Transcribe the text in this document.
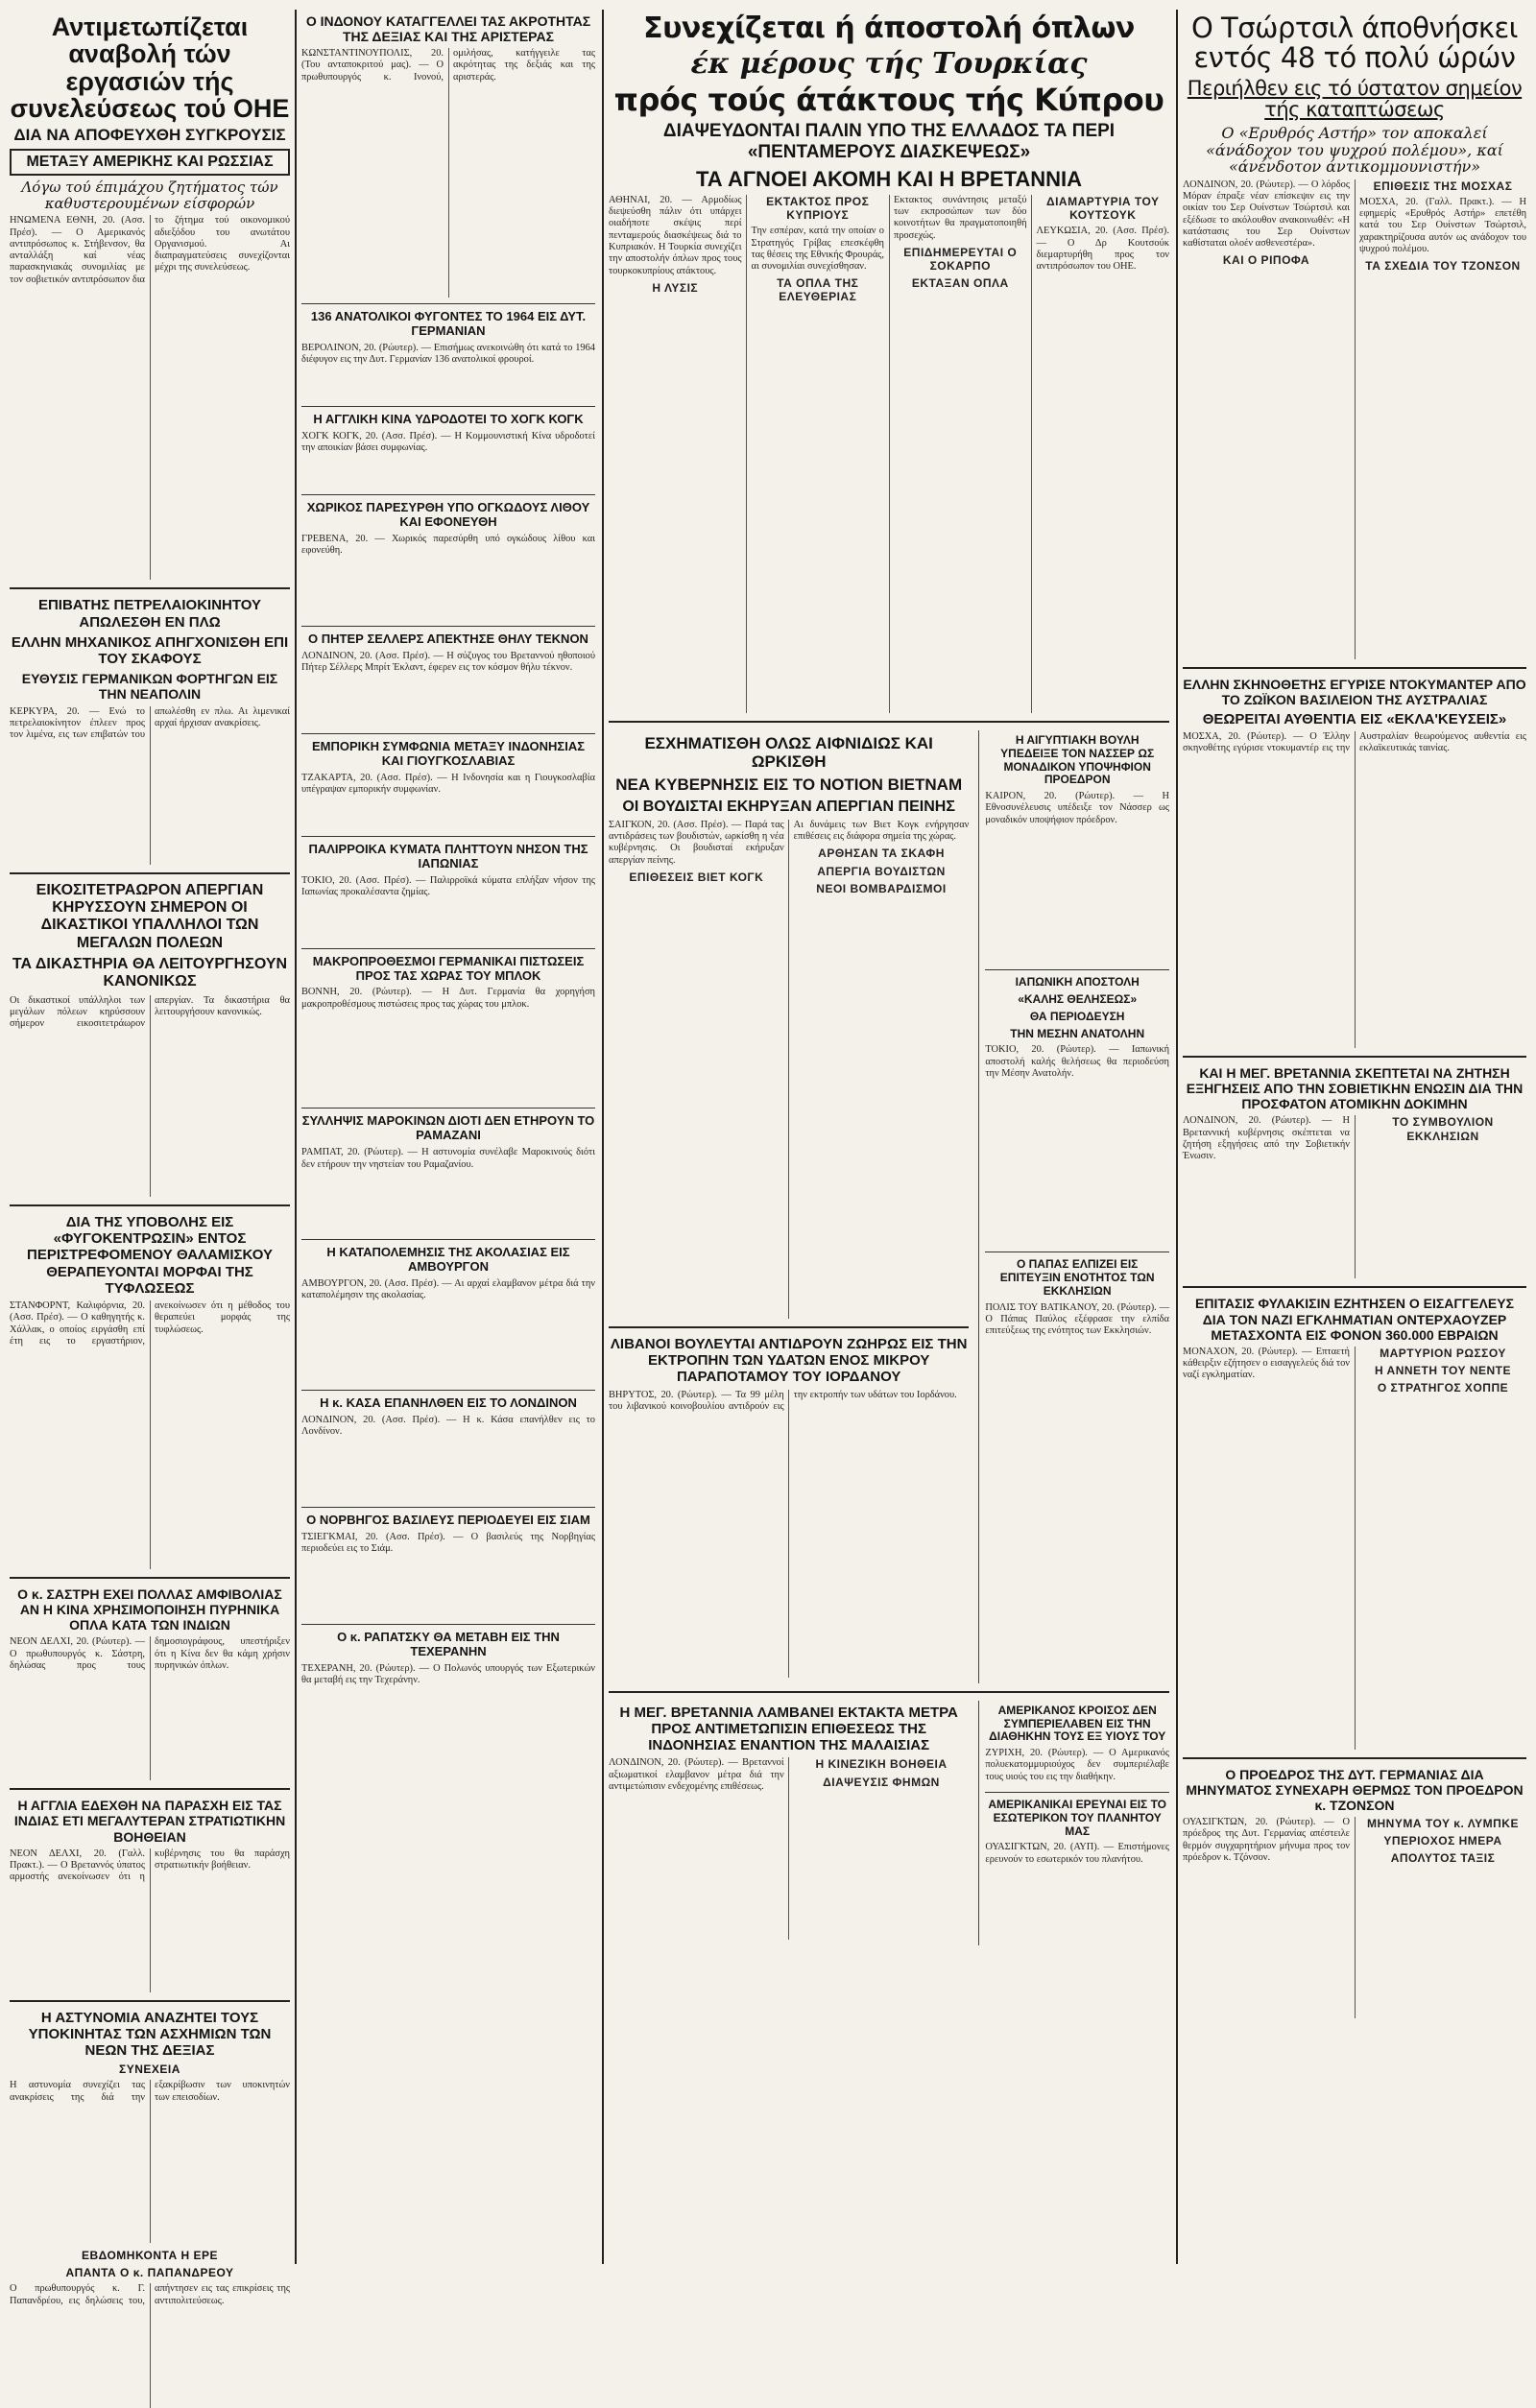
Αντιμετωπίζεται αναβολή τών εργασιών τής συνελεύσεως τού ΟΗΕ
ΔΙΑ ΝΑ ΑΠΟΦΕΥΧΘΗ ΣΥΓΚΡΟΥΣΙΣ
ΜΕΤΑΞΥ ΑΜΕΡΙΚΗΣ ΚΑΙ ΡΩΣΣΙΑΣ
Λόγω τού έπιμάχου ζητήματος τών καθυστερουμένων είσφορών
ΗΝΩΜΕΝΑ ΕΘΝΗ, 20. (Ασσ. Πρέσ). — Ο Αμερικανός αντιπρόσωπος κ. Στήβενσον, θα ανταλλάξη καί νέας παρασκηνιακάς συνομιλίας με τον σοβιετικόν αντιπρόσωπον δια το ζήτημα τού οικονομικού αδιεξόδου του ανωτάτου Οργανισμού. Αι διαπραγματεύσεις συνεχίζονται μέχρι της συνελεύσεως.
ΕΠΙΒΑΤΗΣ ΠΕΤΡΕΛΑΙΟΚΙΝΗΤΟΥ ΑΠΩΛΕΣΘΗ ΕΝ ΠΛΩ
ΕΛΛΗΝ ΜΗΧΑΝΙΚΟΣ ΑΠΗΓΧΟΝΙΣΘΗ ΕΠΙ ΤΟΥ ΣΚΑΦΟΥΣ
ΕΥΘΥΣΙΣ ΓΕΡΜΑΝΙΚΩΝ ΦΟΡΤΗΓΩΝ ΕΙΣ ΤΗΝ ΝΕΑΠΟΛΙΝ
ΚΕΡΚΥΡΑ, 20. — Ενώ το πετρελαιοκίνητον έπλεεν προς τον λιμένα, εις των επιβατών του απωλέσθη εν πλω. Αι λιμενικαί αρχαί ήρχισαν ανακρίσεις.
ΕΙΚΟΣΙΤΕΤΡΑΩΡΟΝ ΑΠΕΡΓΙΑΝ ΚΗΡΥΣΣΟΥΝ ΣΗΜΕΡΟΝ ΟΙ ΔΙΚΑΣΤΙΚΟΙ ΥΠΑΛΛΗΛΟΙ ΤΩΝ ΜΕΓΑΛΩΝ ΠΟΛΕΩΝ
ΤΑ ΔΙΚΑΣΤΗΡΙΑ ΘΑ ΛΕΙΤΟΥΡΓΗΣΟΥΝ ΚΑΝΟΝΙΚΩΣ
Οι δικαστικοί υπάλληλοι των μεγάλων πόλεων κηρύσσουν σήμερον εικοσιτετράωρον απεργίαν. Τα δικαστήρια θα λειτουργήσουν κανονικώς.
ΔΙΑ ΤΗΣ ΥΠΟΒΟΛΗΣ ΕΙΣ «ΦΥΓΟΚΕΝΤΡΩΣΙΝ» ΕΝΤΟΣ ΠΕΡΙΣΤΡΕΦΟΜΕΝΟΥ ΘΑΛΑΜΙΣΚΟΥ ΘΕΡΑΠΕΥΟΝΤΑΙ ΜΟΡΦΑΙ ΤΗΣ ΤΥΦΛΩΣΕΩΣ
ΣΤΑΝΦΟΡΝΤ, Καλιφόρνια, 20. (Ασσ. Πρέσ). — Ο καθηγητής κ. Χάλλακ, ο οποίος ειργάσθη επί έτη εις το εργαστήριον, ανεκοίνωσεν ότι η μέθοδος του θεραπεύει μορφάς της τυφλώσεως.
Ο κ. ΣΑΣΤΡΗ ΕΧΕΙ ΠΟΛΛΑΣ ΑΜΦΙΒΟΛΙΑΣ ΑΝ Η ΚΙΝΑ ΧΡΗΣΙΜΟΠΟΙΗΣΗ ΠΥΡΗΝΙΚΑ ΟΠΛΑ ΚΑΤΑ ΤΩΝ ΙΝΔΙΩΝ
ΝΕΟΝ ΔΕΛΧΙ, 20. (Ρώυτερ). — Ο πρωθυπουργός κ. Σάστρη, δηλώσας προς τους δημοσιογράφους, υπεστήριξεν ότι η Κίνα δεν θα κάμη χρήσιν πυρηνικών όπλων.
Η ΑΓΓΛΙΑ ΕΔΕΧΘΗ ΝΑ ΠΑΡΑΣΧΗ ΕΙΣ ΤΑΣ ΙΝΔΙΑΣ ΕΤΙ ΜΕΓΑΛΥΤΕΡΑΝ ΣΤΡΑΤΙΩΤΙΚΗΝ ΒΟΗΘΕΙΑΝ
ΝΕΟΝ ΔΕΛΧΙ, 20. (Γαλλ. Πρακτ.). — Ο Βρεταννός ύπατος αρμοστής ανεκοίνωσεν ότι η κυβέρνησις του θα παράσχη στρατιωτικήν βοήθειαν.
Η ΑΣΤΥΝΟΜΙΑ ΑΝΑΖΗΤΕΙ ΤΟΥΣ ΥΠΟΚΙΝΗΤΑΣ ΤΩΝ ΑΣΧΗΜΙΩΝ ΤΩΝ ΝΕΩΝ ΤΗΣ ΔΕΞΙΑΣ
ΣΥΝΕΧΕΙΑ
Η αστυνομία συνεχίζει τας ανακρίσεις της διά την εξακρίβωσιν των υποκινητών των επεισοδίων.
ΕΒΔΟΜΗΚΟΝΤΑ Η ΕΡΕ
ΑΠΑΝΤΑ Ο κ. ΠΑΠΑΝΔΡΕΟΥ
Ο πρωθυπουργός κ. Γ. Παπανδρέου, εις δηλώσεις του, απήντησεν εις τας επικρίσεις της αντιπολιτεύσεως.
Ο ΙΝΔΟΝΟΥ ΚΑΤΑΓΓΕΛΛΕΙ ΤΑΣ ΑΚΡΟΤΗΤΑΣ ΤΗΣ ΔΕΞΙΑΣ ΚΑΙ ΤΗΣ ΑΡΙΣΤΕΡΑΣ
ΚΩΝΣΤΑΝΤΙΝΟΥΠΟΛΙΣ, 20. (Του ανταποκριτού μας). — Ο πρωθυπουργός κ. Ινονού, ομιλήσας, κατήγγειλε τας ακρότητας της δεξιάς και της αριστεράς.
136 ΑΝΑΤΟΛΙΚΟΙ ΦΥΓΟΝΤΕΣ ΤΟ 1964 ΕΙΣ ΔΥΤ. ΓΕΡΜΑΝΙΑΝ
ΒΕΡΟΛΙΝΟΝ, 20. (Ρώυτερ). — Επισήμως ανεκοινώθη ότι κατά το 1964 διέφυγον εις την Δυτ. Γερμανίαν 136 ανατολικοί φρουροί.
Η ΑΓΓΛΙΚΗ ΚΙΝΑ ΥΔΡΟΔΟΤΕΙ ΤΟ ΧΟΓΚ ΚΟΓΚ
ΧΟΓΚ ΚΟΓΚ, 20. (Ασσ. Πρέσ). — Η Κομμουνιστική Κίνα υδροδοτεί την αποικίαν βάσει συμφωνίας.
ΧΩΡΙΚΟΣ ΠΑΡΕΣΥΡΘΗ ΥΠΟ ΟΓΚΩΔΟΥΣ ΛΙΘΟΥ ΚΑΙ ΕΦΟΝΕΥΘΗ
ΓΡΕΒΕΝΑ, 20. — Χωρικός παρεσύρθη υπό ογκώδους λίθου και εφονεύθη.
Ο ΠΗΤΕΡ ΣΕΛΛΕΡΣ ΑΠΕΚΤΗΣΕ ΘΗΛΥ ΤΕΚΝΟΝ
ΛΟΝΔΙΝΟΝ, 20. (Ασσ. Πρέσ). — Η σύζυγος του Βρεταννού ηθοποιού Πήτερ Σέλλερς Μπρίτ Έκλαντ, έφερεν εις τον κόσμον θήλυ τέκνον.
ΕΜΠΟΡΙΚΗ ΣΥΜΦΩΝΙΑ ΜΕΤΑΞΥ ΙΝΔΟΝΗΣΙΑΣ ΚΑΙ ΓΙΟΥΓΚΟΣΛΑΒΙΑΣ
ΤΖΑΚΑΡΤΑ, 20. (Ασσ. Πρέσ). — Η Ινδονησία και η Γιουγκοσλαβία υπέγραψαν εμπορικήν συμφωνίαν.
ΠΑΛΙΡΡΟΙΚΑ ΚΥΜΑΤΑ ΠΛΗΤΤΟΥΝ ΝΗΣΟΝ ΤΗΣ ΙΑΠΩΝΙΑΣ
ΤΟΚΙΟ, 20. (Ασσ. Πρέσ). — Παλιρροϊκά κύματα επλήξαν νήσον της Ιαπωνίας προκαλέσαντα ζημίας.
ΜΑΚΡΟΠΡΟΘΕΣΜΟΙ ΓΕΡΜΑΝΙΚΑΙ ΠΙΣΤΩΣΕΙΣ ΠΡΟΣ ΤΑΣ ΧΩΡΑΣ ΤΟΥ ΜΠΛΟΚ
ΒΟΝΝΗ, 20. (Ρώυτερ). — Η Δυτ. Γερμανία θα χορηγήση μακροπροθέσμους πιστώσεις προς τας χώρας του μπλοκ.
ΣΥΛΛΗΨΙΣ ΜΑΡΟΚΙΝΩΝ ΔΙΟΤΙ ΔΕΝ ΕΤΗΡΟΥΝ ΤΟ ΡΑΜΑΖΑΝΙ
ΡΑΜΠΑΤ, 20. (Ρώυτερ). — Η αστυνομία συνέλαβε Μαροκινούς διότι δεν ετήρουν την νηστείαν του Ραμαζανίου.
Η ΚΑΤΑΠΟΛΕΜΗΣΙΣ ΤΗΣ ΑΚΟΛΑΣΙΑΣ ΕΙΣ ΑΜΒΟΥΡΓΟΝ
ΑΜΒΟΥΡΓΟΝ, 20. (Ασσ. Πρέσ). — Αι αρχαί ελαμβανον μέτρα διά την καταπολέμησιν της ακολασίας.
Η κ. ΚΑΣΑ ΕΠΑΝΗΛΘΕΝ ΕΙΣ ΤΟ ΛΟΝΔΙΝΟΝ
ΛΟΝΔΙΝΟΝ, 20. (Ασσ. Πρέσ). — Η κ. Κάσα επανήλθεν εις το Λονδίνον.
Ο ΝΟΡΒΗΓΟΣ ΒΑΣΙΛΕΥΣ ΠΕΡΙΟΔΕΥΕΙ ΕΙΣ ΣΙΑΜ
ΤΣΙΕΓΚΜΑΙ, 20. (Ασσ. Πρέσ). — Ο βασιλεύς της Νορβηγίας περιοδεύει εις το Σιάμ.
Ο κ. ΡΑΠΑΤΣΚΥ ΘΑ ΜΕΤΑΒΗ ΕΙΣ ΤΗΝ ΤΕΧΕΡΑΝΗΝ
ΤΕΧΕΡΑΝΗ, 20. (Ρώυτερ). — Ο Πολωνός υπουργός των Εξωτερικών θα μεταβή εις την Τεχεράνην.
Συνεχίζεται ή άποστολή όπλων
έκ μέρους τής Τουρκίας
πρός τούς άτάκτους τής Κύπρου
ΔΙΑΨΕΥΔΟΝΤΑΙ ΠΑΛΙΝ ΥΠΟ ΤΗΣ ΕΛΛΑΔΟΣ ΤΑ ΠΕΡΙ «ΠΕΝΤΑΜΕΡΟΥΣ ΔΙΑΣΚΕΨΕΩΣ»
ΤΑ ΑΓΝΟΕΙ ΑΚΟΜΗ ΚΑΙ Η ΒΡΕΤΑΝΝΙΑ
ΑΘΗΝΑΙ, 20. — Αρμοδίως διεψεύσθη πάλιν ότι υπάρχει οιαδήποτε σκέψις περί πενταμερούς διασκέψεως διά το Κυπριακόν. Η Τουρκία συνεχίζει την αποστολήν όπλων προς τους τουρκοκυπρίους ατάκτους.
Η ΛΥΣΙΣ
ΕΚΤΑΚΤΟΣ ΠΡΟΣ ΚΥΠΡΙΟΥΣ
Την εσπέραν, κατά την οποίαν ο Στρατηγός Γρίβας επεσκέφθη τας θέσεις της Εθνικής Φρουράς, αι συνομιλίαι συνεχίσθησαν.
ΤΑ ΟΠΛΑ ΤΗΣ ΕΛΕΥΘΕΡΙΑΣ
Εκτακτος συνάντησις μεταξύ των εκπροσώπων των δύο κοινοτήτων θα πραγματοποιηθή προσεχώς.
ΕΠΙΔΗΜΕΡΕΥΤΑΙ Ο ΣΟΚΑΡΠΟ
ΕΚΤΑΞΑΝ ΟΠΛΑ
ΔΙΑΜΑΡΤΥΡΙΑ ΤΟΥ ΚΟΥΤΣΟΥΚ
ΛΕΥΚΩΣΙΑ, 20. (Ασσ. Πρέσ). — Ο Δρ Κουτσούκ διεμαρτυρήθη προς τον αντιπρόσωπον του ΟΗΕ.
ΕΣΧΗΜΑΤΙΣΘΗ ΟΛΩΣ ΑΙΦΝΙΔΙΩΣ ΚΑΙ ΩΡΚΙΣΘΗ
ΝΕΑ ΚΥΒΕΡΝΗΣΙΣ ΕΙΣ ΤΟ ΝΟΤΙΟΝ ΒΙΕΤΝΑΜ
ΟΙ ΒΟΥΔΙΣΤΑΙ ΕΚΗΡΥΞΑΝ ΑΠΕΡΓΙΑΝ ΠΕΙΝΗΣ
ΣΑΙΓΚΟΝ, 20. (Ασσ. Πρέσ). — Παρά τας αντιδράσεις των βουδιστών, ωρκίσθη η νέα κυβέρνησις. Οι βουδισταί εκήρυξαν απεργίαν πείνης.
ΕΠΙΘΕΣΕΙΣ ΒΙΕΤ ΚΟΓΚ
Αι δυνάμεις των Βιετ Κογκ ενήργησαν επιθέσεις εις διάφορα σημεία της χώρας.
ΑΡΘΗΣΑΝ ΤΑ ΣΚΑΦΗ
ΑΠΕΡΓΙΑ ΒΟΥΔΙΣΤΩΝ
ΝΕΟΙ ΒΟΜΒΑΡΔΙΣΜΟΙ
ΛΙΒΑΝΟΙ ΒΟΥΛΕΥΤΑΙ ΑΝΤΙΔΡΟΥΝ ΖΩΗΡΩΣ ΕΙΣ ΤΗΝ ΕΚΤΡΟΠΗΝ ΤΩΝ ΥΔΑΤΩΝ ΕΝΟΣ ΜΙΚΡΟΥ ΠΑΡΑΠΟΤΑΜΟΥ ΤΟΥ ΙΟΡΔΑΝΟΥ
ΒΗΡΥΤΟΣ, 20. (Ρώυτερ). — Τα 99 μέλη του λιβανικού κοινοβουλίου αντιδρούν εις την εκτροπήν των υδάτων του Ιορδάνου.
Η ΑΙΓΥΠΤΙΑΚΗ ΒΟΥΛΗ ΥΠΕΔΕΙΞΕ ΤΟΝ ΝΑΣΣΕΡ ΩΣ ΜΟΝΑΔΙΚΟΝ ΥΠΟΨΗΦΙΟΝ ΠΡΟΕΔΡΟΝ
ΚΑΙΡΟΝ, 20. (Ρώυτερ). — Η Εθνοσυνέλευσις υπέδειξε τον Νάσσερ ως μοναδικόν υποψήφιον πρόεδρον.
ΙΑΠΩΝΙΚΗ ΑΠΟΣΤΟΛΗ
«ΚΑΛΗΣ ΘΕΛΗΣΕΩΣ»
ΘΑ ΠΕΡΙΟΔΕΥΣΗ
ΤΗΝ ΜΕΣΗΝ ΑΝΑΤΟΛΗΝ
ΤΟΚΙΟ, 20. (Ρώυτερ). — Ιαπωνική αποστολή καλής θελήσεως θα περιοδεύση την Μέσην Ανατολήν.
Ο ΠΑΠΑΣ ΕΛΠΙΖΕΙ ΕΙΣ ΕΠΙΤΕΥΞΙΝ ΕΝΟΤΗΤΟΣ ΤΩΝ ΕΚΚΛΗΣΙΩΝ
ΠΟΛΙΣ ΤΟΥ ΒΑΤΙΚΑΝΟΥ, 20. (Ρώυτερ). — Ο Πάπας Παύλος εξέφρασε την ελπίδα επιτεύξεως της ενότητος των Εκκλησιών.
Η ΜΕΓ. ΒΡΕΤΑΝΝΙΑ ΛΑΜΒΑΝΕΙ ΕΚΤΑΚΤΑ ΜΕΤΡΑ ΠΡΟΣ ΑΝΤΙΜΕΤΩΠΙΣΙΝ ΕΠΙΘΕΣΕΩΣ ΤΗΣ ΙΝΔΟΝΗΣΙΑΣ ΕΝΑΝΤΙΟΝ ΤΗΣ ΜΑΛΑΙΣΙΑΣ
ΛΟΝΔΙΝΟΝ, 20. (Ρώυτερ). — Βρεταννοί αξιωματικοί ελαμβανον μέτρα διά την αντιμετώπισιν ενδεχομένης επιθέσεως.
Η ΚΙΝΕΖΙΚΗ ΒΟΗΘΕΙΑ
ΔΙΑΨΕΥΣΙΣ ΦΗΜΩΝ
ΑΜΕΡΙΚΑΝΟΣ ΚΡΟΙΣΟΣ ΔΕΝ ΣΥΜΠΕΡΙΕΛΑΒΕΝ ΕΙΣ ΤΗΝ ΔΙΑΘΗΚΗΝ ΤΟΥΣ ΕΞ ΥΙΟΥΣ ΤΟΥ
ΖΥΡΙΧΗ, 20. (Ρώυτερ). — Ο Αμερικανός πολυεκατομμυριούχος δεν συμπεριέλαβε τους υιούς του εις την διαθήκην.
ΑΜΕΡΙΚΑΝΙΚΑΙ ΕΡΕΥΝΑΙ ΕΙΣ ΤΟ ΕΣΩΤΕΡΙΚΟΝ ΤΟΥ ΠΛΑΝΗΤΟΥ ΜΑΣ
ΟΥΑΣΙΓΚΤΩΝ, 20. (ΑΥΠ). — Επιστήμονες ερευνούν το εσωτερικόν του πλανήτου.
Ο Τσώρτσιλ άποθνήσκει εντός 48 τό πολύ ώρών
Περιήλθεν εις τό ύστατον σημείον τής καταπτώσεως
Ο «Ερυθρός Αστήρ» τον αποκαλεί «άνάδοχον του ψυχρού πολέμου», καί «άνένδοτον άντικομμουνιστήν»
ΛΟΝΔΙΝΟΝ, 20. (Ρώυτερ). — Ο λόρδος Μόραν έπραξε νέαν επίσκεψιν εις την οικίαν του Σερ Ουίνστων Τσώρτσιλ και εξέδωσε το ακόλουθον ανακοινωθέν: «Η κατάστασις του Σερ Ουίνστων καθίσταται ολοέν ασθενεστέρα».
ΚΑΙ Ο ΡΙΠΟΦΑ
ΕΠΙΘΕΣΙΣ ΤΗΣ ΜΟΣΧΑΣ
ΜΟΣΧΑ, 20. (Γαλλ. Πρακτ.). — Η εφημερίς «Ερυθρός Αστήρ» επετέθη κατά του Σερ Ουίνστων Τσώρτσιλ, χαρακτηρίζουσα αυτόν ως ανάδοχον του ψυχρού πολέμου.
ΤΑ ΣΧΕΔΙΑ ΤΟΥ ΤΖΟΝΣΟΝ
ΕΛΛΗΝ ΣΚΗΝΟΘΕΤΗΣ ΕΓΥΡΙΣΕ ΝΤΟΚΥΜΑΝΤΕΡ ΑΠΟ ΤΟ ΖΩΪΚΟΝ ΒΑΣΙΛΕΙΟΝ ΤΗΣ ΑΥΣΤΡΑΛΙΑΣ
ΘΕΩΡΕΙΤΑΙ ΑΥΘΕΝΤΙΑ ΕΙΣ «ΕΚΛΑ'ΚΕΥΣΕΙΣ»
ΜΟΣΧΑ, 20. (Ρώυτερ). — Ο Έλλην σκηνοθέτης εγύρισε ντοκυμαντέρ εις την Αυστραλίαν θεωρούμενος αυθεντία εις εκλαϊκευτικάς ταινίας.
ΚΑΙ Η ΜΕΓ. ΒΡΕΤΑΝΝΙΑ ΣΚΕΠΤΕΤΑΙ ΝΑ ΖΗΤΗΣΗ ΕΞΗΓΗΣΕΙΣ ΑΠΟ ΤΗΝ ΣΟΒΙΕΤΙΚΗΝ ΕΝΩΣΙΝ ΔΙΑ ΤΗΝ ΠΡΟΣΦΑΤΟΝ ΑΤΟΜΙΚΗΝ ΔΟΚΙΜΗΝ
ΛΟΝΔΙΝΟΝ, 20. (Ρώυτερ). — Η Βρεταννική κυβέρνησις σκέπτεται να ζητήση εξηγήσεις από την Σοβιετικήν Ένωσιν.
ΤΟ ΣΥΜΒΟΥΛΙΟΝ ΕΚΚΛΗΣΙΩΝ
ΕΠΙΤΑΣΙΣ ΦΥΛΑΚΙΣΙΝ ΕΖΗΤΗΣΕΝ Ο ΕΙΣΑΓΓΕΛΕΥΣ ΔΙΑ ΤΟΝ ΝΑΖΙ ΕΓΚΛΗΜΑΤΙΑΝ ΟΝΤΕΡΧΑΟΥΖΕΡ ΜΕΤΑΣΧΟΝΤΑ ΕΙΣ ΦΟΝΟΝ 360.000 ΕΒΡΑΙΩΝ
ΜΟΝΑΧΟΝ, 20. (Ρώυτερ). — Επταετή κάθειρξιν εζήτησεν ο εισαγγελεύς διά τον ναζί εγκληματίαν.
ΜΑΡΤΥΡΙΟΝ ΡΩΣΣΟΥ
Η ΑΝΝΕΤΗ ΤΟΥ ΝΕΝΤΕ
Ο ΣΤΡΑΤΗΓΟΣ ΧΟΠΠΕ
Ο ΠΡΟΕΔΡΟΣ ΤΗΣ ΔΥΤ. ΓΕΡΜΑΝΙΑΣ ΔΙΑ ΜΗΝΥΜΑΤΟΣ ΣΥΝΕΧΑΡΗ ΘΕΡΜΩΣ ΤΟΝ ΠΡΟΕΔΡΟΝ κ. ΤΖΟΝΣΟΝ
ΟΥΑΣΙΓΚΤΩΝ, 20. (Ρώυτερ). — Ο πρόεδρος της Δυτ. Γερμανίας απέστειλε θερμόν συγχαρητήριον μήνυμα προς τον πρόεδρον κ. Τζόνσον.
ΜΗΝΥΜΑ ΤΟΥ κ. ΛΥΜΠΚΕ
ΥΠΕΡΙΟΧΟΣ ΗΜΕΡΑ
ΑΠΟΛΥΤΟΣ ΤΑΞΙΣ
